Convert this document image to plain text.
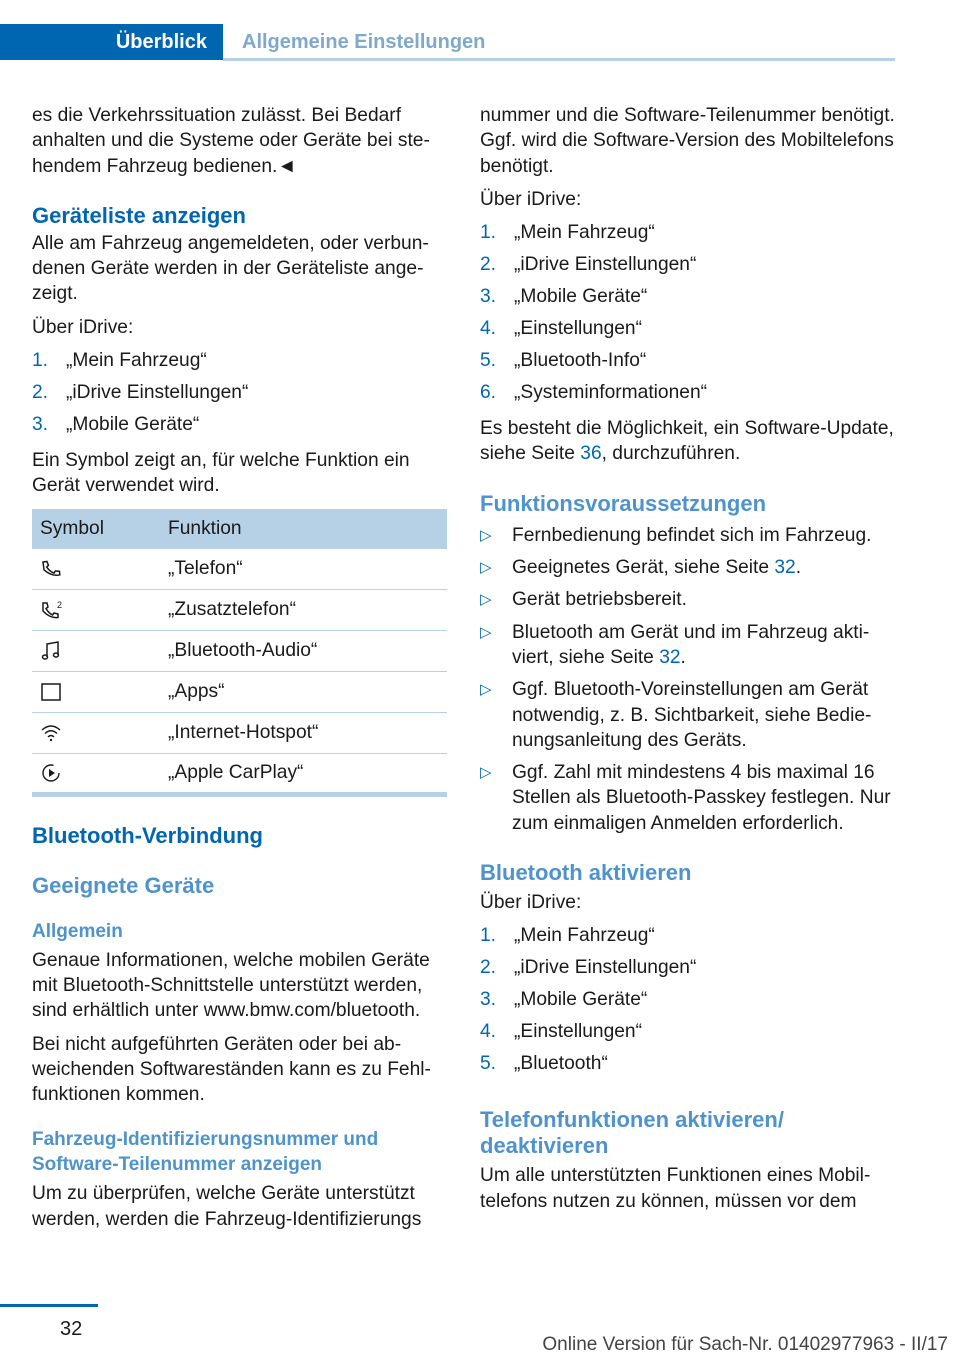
Überblick	Allgemeine Einstellungen

es die Verkehrssituation zulässt. Bei Bedarf anhalten und die Systeme oder Geräte bei stehendem Fahrzeug bedienen.◄

Geräteliste anzeigen

Alle am Fahrzeug angemeldeten, oder verbundenen Geräte werden in der Geräteliste angezeigt.

Über iDrive:

1. „Mein Fahrzeug“
2. „iDrive Einstellungen“
3. „Mobile Geräte“

Ein Symbol zeigt an, für welche Funktion ein Gerät verwendet wird.

Symbol	Funktion

	„Telefon“

2	„Zusatztelefon“

	„Bluetooth-Audio“

	„Apps“

	„Internet-Hotspot“

	„Apple CarPlay“
Bluetooth-Verbindung
Geeignete Geräte
Allgemein

Genaue Informationen, welche mobilen Geräte mit Bluetooth-Schnittstelle unterstützt werden, sind erhältlich unter www.bmw.com/bluetooth.

Bei nicht aufgeführten Geräten oder bei abweichenden Softwareständen kann es zu Fehlfunktionen kommen.

Fahrzeug-Identifizierungsnummer und Software-Teilenummer anzeigen

Um zu überprüfen, welche Geräte unterstützt werden, werden die Fahrzeug-Identifizierungs

nummer und die Software-Teilenummer benötigt. Ggf. wird die Software-Version des Mobiltelefons benötigt.

Über iDrive:

1. „Mein Fahrzeug“
2. „iDrive Einstellungen“
3. „Mobile Geräte“
4. „Einstellungen“
5. „Bluetooth-Info“
6. „Systeminformationen“

Es besteht die Möglichkeit, ein Software-Update, siehe Seite 36, durchzuführen.

Funktionsvoraussetzungen
▷	Fernbedienung befindet sich im Fahrzeug.
▷	Geeignetes Gerät, siehe Seite 32.
▷	Gerät betriebsbereit.
▷	Bluetooth am Gerät und im Fahrzeug aktiviert, siehe Seite 32.
▷	Ggf. Bluetooth-Voreinstellungen am Gerät notwendig, z. B. Sichtbarkeit, siehe Bedienungsanleitung des Geräts.
▷	Ggf. Zahl mit mindestens 4 bis maximal 16 Stellen als Bluetooth-Passkey festlegen. Nur zum einmaligen Anmelden erforderlich.
Bluetooth aktivieren

Über iDrive:

1. „Mein Fahrzeug“
2. „iDrive Einstellungen“
3. „Mobile Geräte“
4. „Einstellungen“
5. „Bluetooth“
Telefonfunktionen aktivieren/ deaktivieren

Um alle unterstützten Funktionen eines Mobiltelefons nutzen zu können, müssen vor dem

32
Online Version für Sach-Nr. 01402977963 - II/17
